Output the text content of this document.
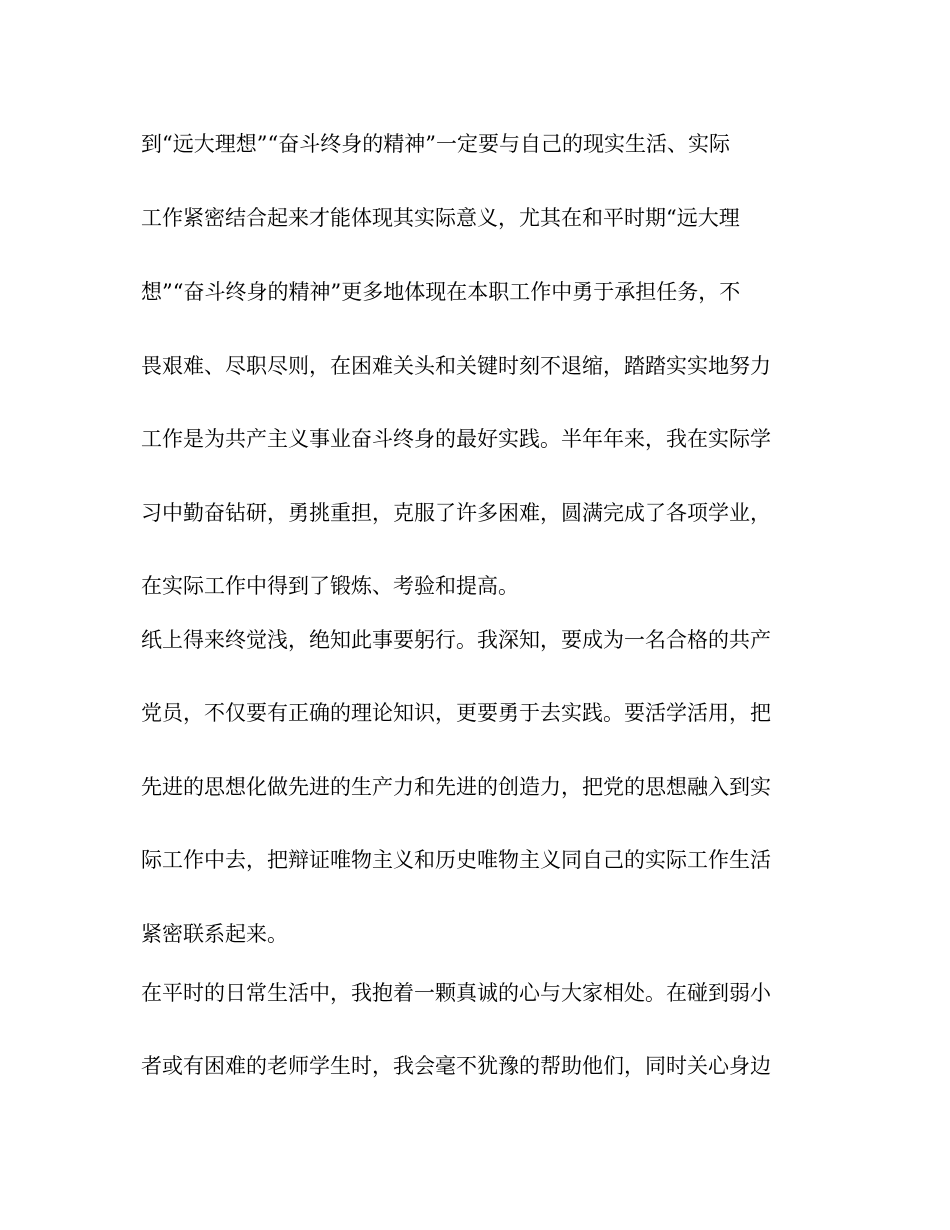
到“远大理想”“奋斗终身的精神”一定要与自己的现实生活、实际
工作紧密结合起来才能体现其实际意义，尤其在和平时期“远大理
想”“奋斗终身的精神”更多地体现在本职工作中勇于承担任务，不
畏艰难、尽职尽则，在困难关头和关键时刻不退缩，踏踏实实地努力
工作是为共产主义事业奋斗终身的最好实践。半年年来，我在实际学
习中勤奋钻研，勇挑重担，克服了许多困难，圆满完成了各项学业，
在实际工作中得到了锻炼、考验和提高。
纸上得来终觉浅，绝知此事要躬行。我深知，要成为一名合格的共产
党员，不仅要有正确的理论知识，更要勇于去实践。要活学活用，把
先进的思想化做先进的生产力和先进的创造力，把党的思想融入到实
际工作中去，把辩证唯物主义和历史唯物主义同自己的实际工作生活
紧密联系起来。
在平时的日常生活中，我抱着一颗真诚的心与大家相处。在碰到弱小
者或有困难的老师学生时，我会毫不犹豫的帮助他们，同时关心身边
